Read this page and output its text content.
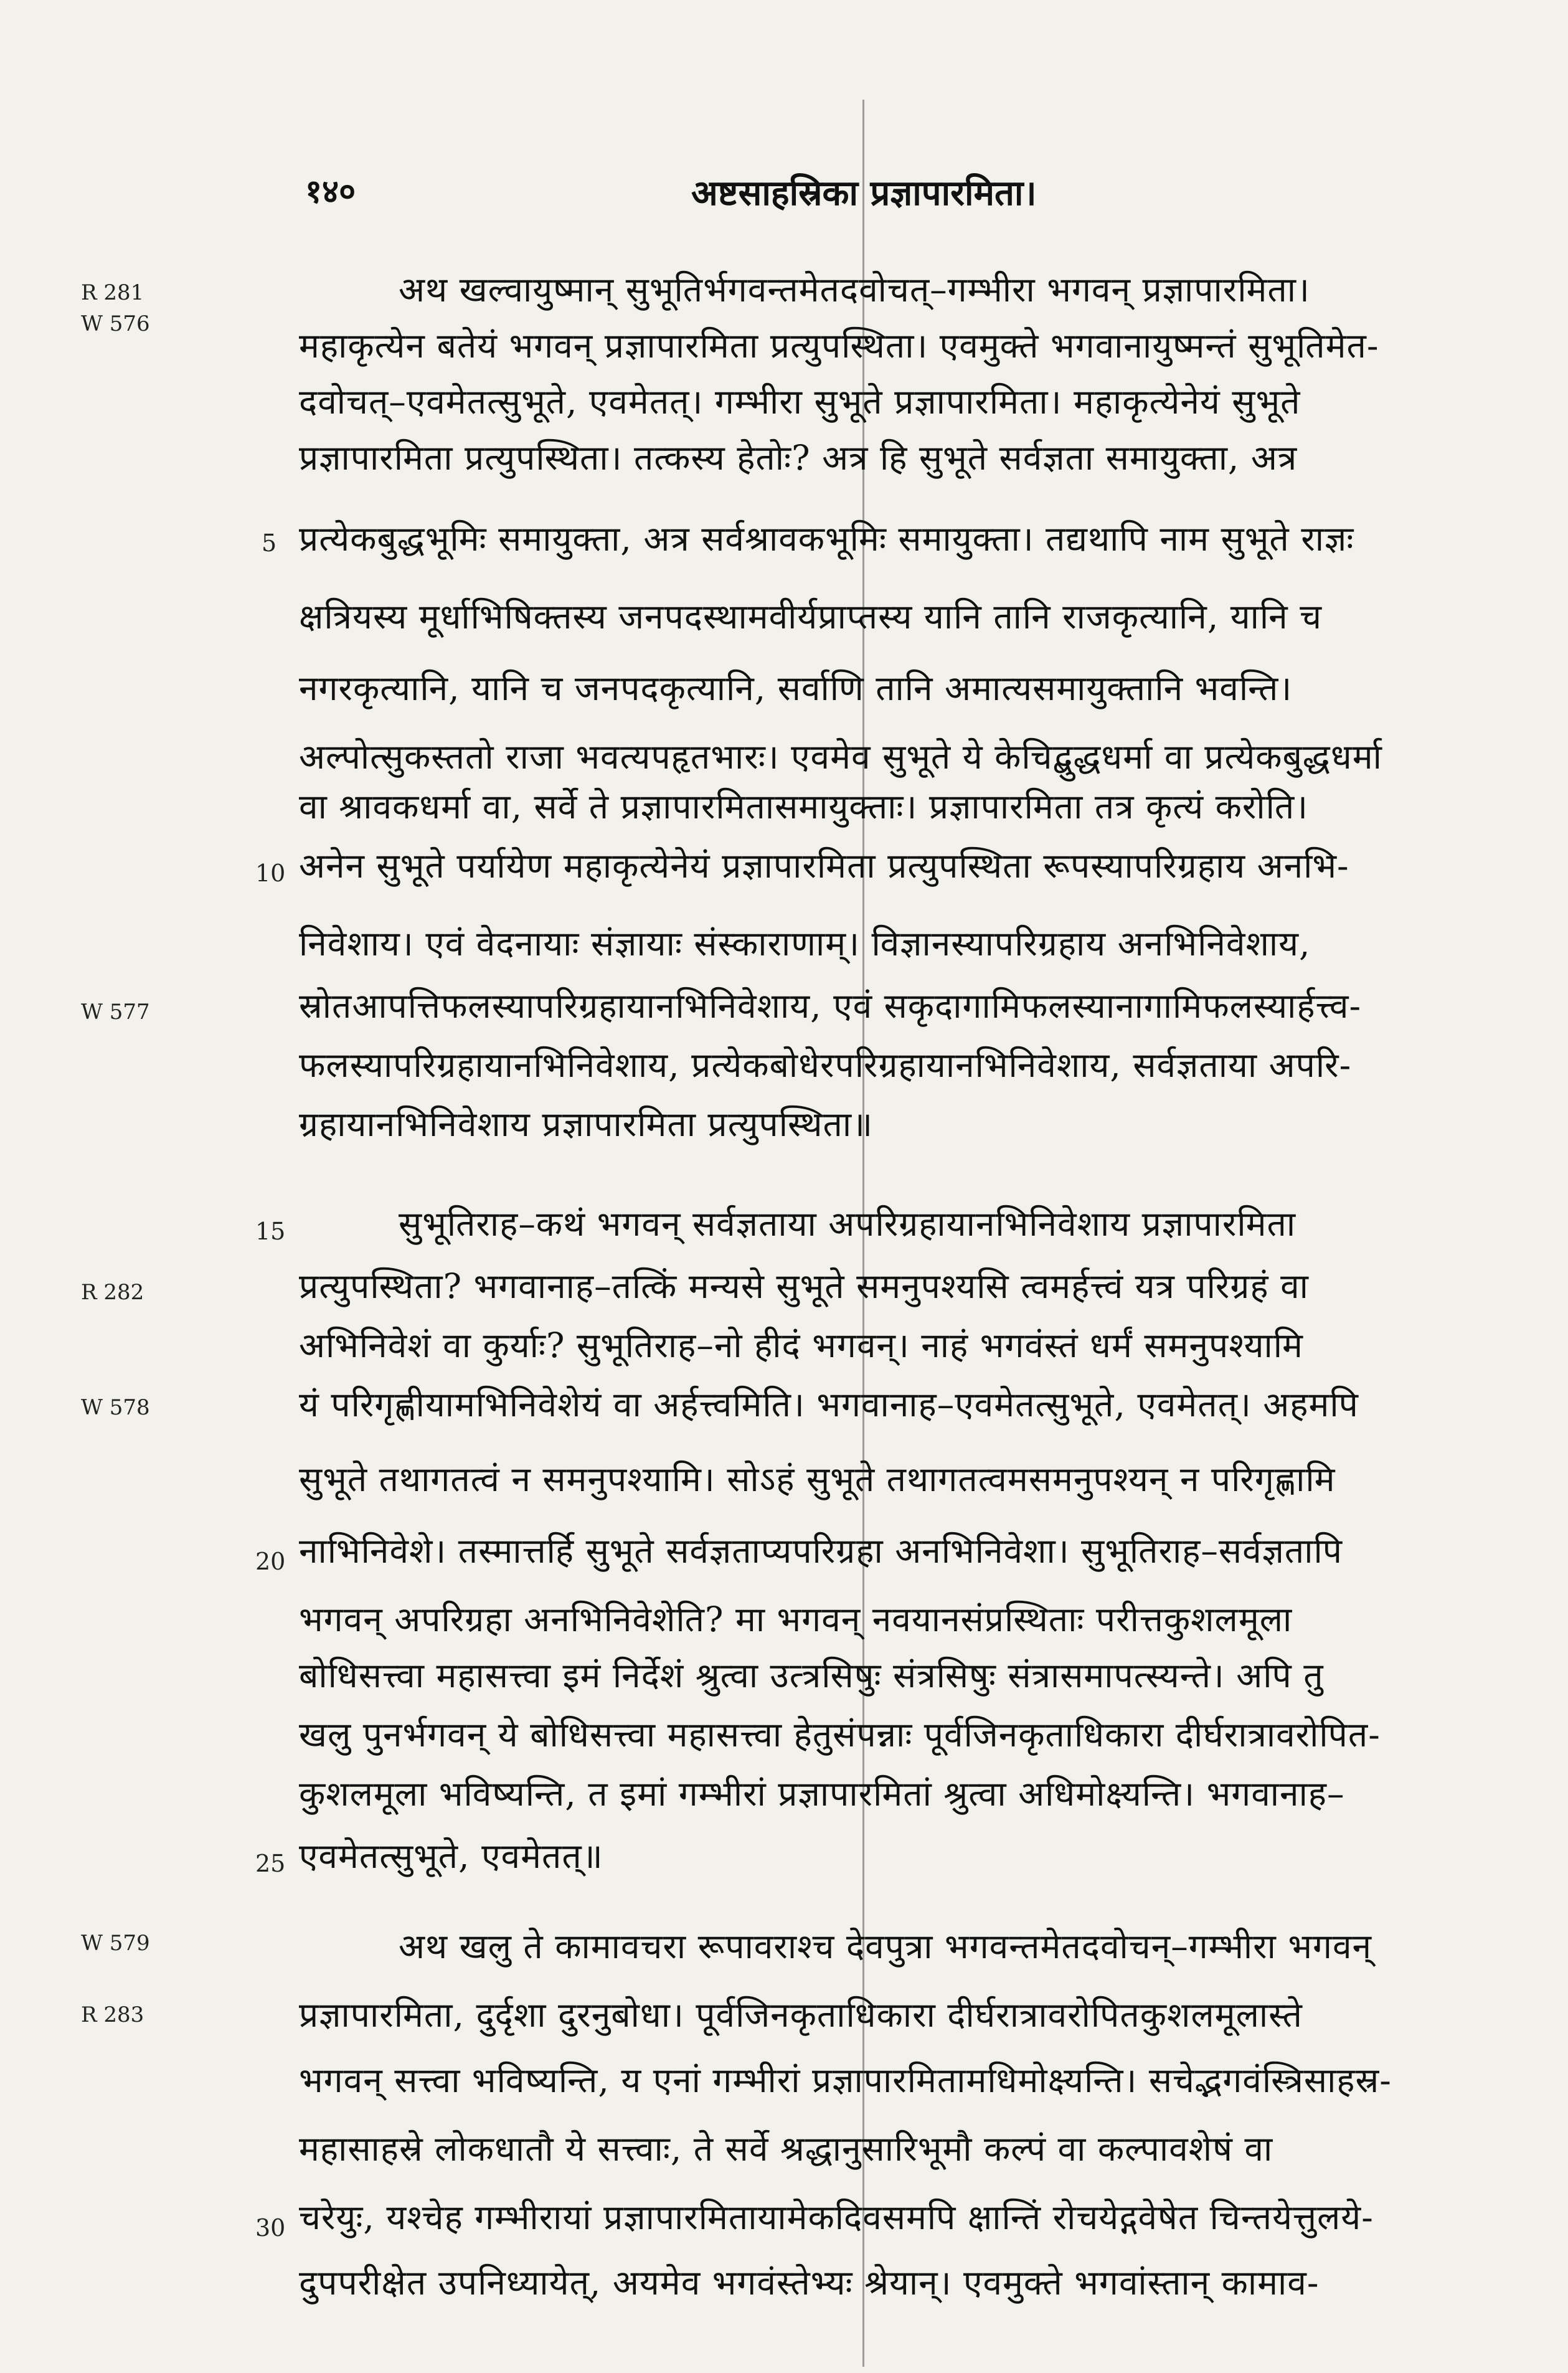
१४०	अष्टसाहस्रिका प्रज्ञापारमिता।
R 281
W 576
W 577
R 282
W 578
W 579
R 283
5
10
15
20
25
30
अथ खल्वायुष्मान् सुभूतिर्भगवन्तमेतदवोचत्–गम्भीरा भगवन् प्रज्ञापारमिता।
महाकृत्येन बतेयं भगवन् प्रज्ञापारमिता प्रत्युपस्थिता। एवमुक्ते भगवानायुष्मन्तं सुभूतिमेत-
दवोचत्–एवमेतत्सुभूते, एवमेतत्। गम्भीरा सुभूते प्रज्ञापारमिता। महाकृत्येनेयं सुभूते
प्रज्ञापारमिता प्रत्युपस्थिता। तत्कस्य हेतोः? अत्र हि सुभूते सर्वज्ञता समायुक्ता, अत्र
प्रत्येकबुद्धभूमिः समायुक्ता, अत्र सर्वश्रावकभूमिः समायुक्ता। तद्यथापि नाम सुभूते राज्ञः
क्षत्रियस्य मूर्धाभिषिक्तस्य जनपदस्थामवीर्यप्राप्तस्य यानि तानि राजकृत्यानि, यानि च
नगरकृत्यानि, यानि च जनपदकृत्यानि, सर्वाणि तानि अमात्यसमायुक्तानि भवन्ति।
अल्पोत्सुकस्ततो राजा भवत्यपहृतभारः। एवमेव सुभूते ये केचिद्बुद्धधर्मा वा प्रत्येकबुद्धधर्मा
वा श्रावकधर्मा वा, सर्वे ते प्रज्ञापारमितासमायुक्ताः। प्रज्ञापारमिता तत्र कृत्यं करोति।
अनेन सुभूते पर्यायेण महाकृत्येनेयं प्रज्ञापारमिता प्रत्युपस्थिता रूपस्यापरिग्रहाय अनभि-
निवेशाय। एवं वेदनायाः संज्ञायाः संस्काराणाम्। विज्ञानस्यापरिग्रहाय अनभिनिवेशाय,
स्रोतआपत्तिफलस्यापरिग्रहायानभिनिवेशाय, एवं सकृदागामिफलस्यानागामिफलस्यार्हत्त्व-
फलस्यापरिग्रहायानभिनिवेशाय, प्रत्येकबोधेरपरिग्रहायानभिनिवेशाय, सर्वज्ञताया अपरि-
ग्रहायानभिनिवेशाय प्रज्ञापारमिता प्रत्युपस्थिता॥
सुभूतिराह–कथं भगवन् सर्वज्ञताया अपरिग्रहायानभिनिवेशाय प्रज्ञापारमिता
प्रत्युपस्थिता? भगवानाह–तत्किं मन्यसे सुभूते समनुपश्यसि त्वमर्हत्त्वं यत्र परिग्रहं वा
अभिनिवेशं वा कुर्याः? सुभूतिराह–नो हीदं भगवन्। नाहं भगवंस्तं धर्मं समनुपश्यामि
यं परिगृह्णीयामभिनिवेशेयं वा अर्हत्त्वमिति। भगवानाह–एवमेतत्सुभूते, एवमेतत्। अहमपि
सुभूते तथागतत्वं न समनुपश्यामि। सोऽहं सुभूते तथागतत्वमसमनुपश्यन् न परिगृह्णामि
नाभिनिवेशे। तस्मात्तर्हि सुभूते सर्वज्ञताप्यपरिग्रहा अनभिनिवेशा। सुभूतिराह–सर्वज्ञतापि
भगवन् अपरिग्रहा अनभिनिवेशेति? मा भगवन् नवयानसंप्रस्थिताः परीत्तकुशलमूला
बोधिसत्त्वा महासत्त्वा इमं निर्देशं श्रुत्वा उत्त्रसिषुः संत्रसिषुः संत्रासमापत्स्यन्ते। अपि तु
खलु पुनर्भगवन् ये बोधिसत्त्वा महासत्त्वा हेतुसंपन्नाः पूर्वजिनकृताधिकारा दीर्घरात्रावरोपित-
कुशलमूला भविष्यन्ति, त इमां गम्भीरां प्रज्ञापारमितां श्रुत्वा अधिमोक्ष्यन्ति। भगवानाह–
एवमेतत्सुभूते, एवमेतत्॥
अथ खलु ते कामावचरा रूपावराश्च देवपुत्रा भगवन्तमेतदवोचन्–गम्भीरा भगवन्
प्रज्ञापारमिता, दुर्दृशा दुरनुबोधा। पूर्वजिनकृताधिकारा दीर्घरात्रावरोपितकुशलमूलास्ते
भगवन् सत्त्वा भविष्यन्ति, य एनां गम्भीरां प्रज्ञापारमितामधिमोक्ष्यन्ति। सचेद्भगवंस्त्रिसाहस्र-
महासाहस्रे लोकधातौ ये सत्त्वाः, ते सर्वे श्रद्धानुसारिभूमौ कल्पं वा कल्पावशेषं वा
चरेयुः, यश्चेह गम्भीरायां प्रज्ञापारमितायामेकदिवसमपि क्षान्तिं रोचयेद्गवेषेत चिन्तयेत्तुलये-
दुपपरीक्षेत उपनिध्यायेत्, अयमेव भगवंस्तेभ्यः श्रेयान्। एवमुक्ते भगवांस्तान् कामाव-
